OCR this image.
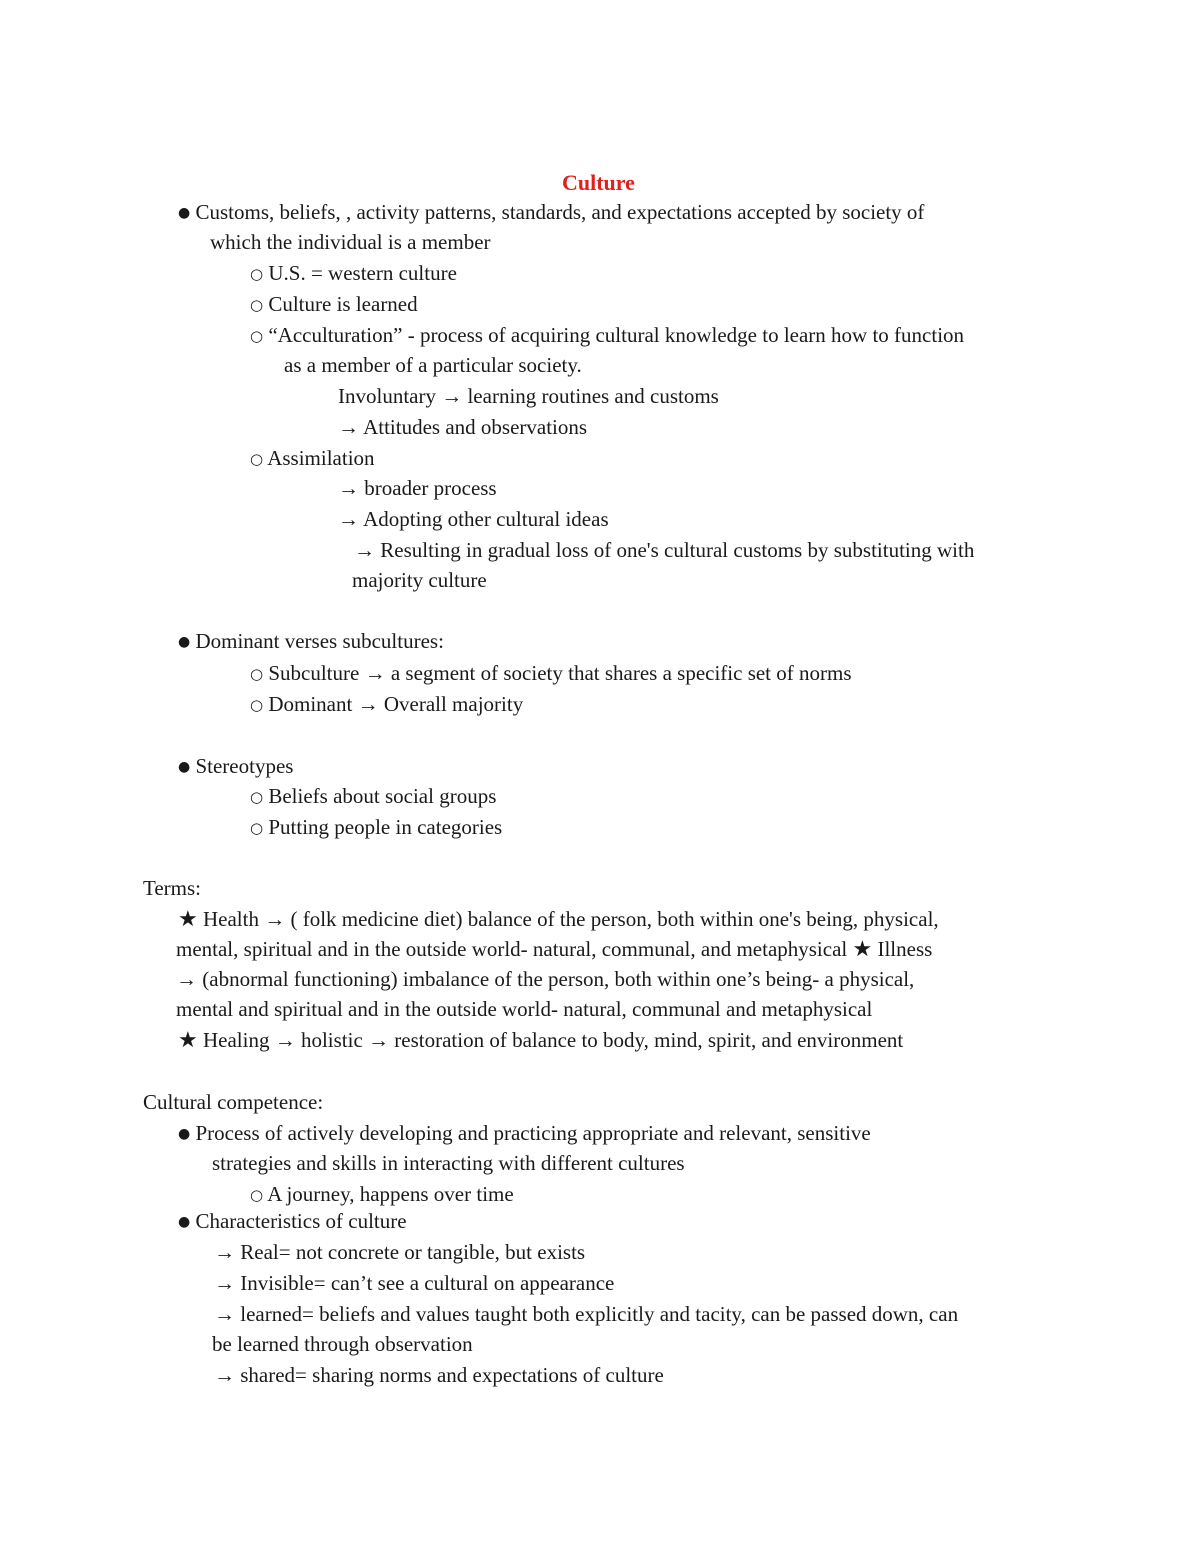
Culture
● Customs, beliefs, , activity patterns, standards, and expectations accepted by society of
which the individual is a member
○ U.S. = western culture
○ Culture is learned
○ “Acculturation” - process of acquiring cultural knowledge to learn how to function
as a member of a particular society.
Involuntary → learning routines and customs
→ Attitudes and observations
○ Assimilation
→ broader process
→ Adopting other cultural ideas
→ Resulting in gradual loss of one's cultural customs by substituting with
majority culture
● Dominant verses subcultures:
○ Subculture → a segment of society that shares a specific set of norms
○ Dominant → Overall majority
● Stereotypes
○ Beliefs about social groups
○ Putting people in categories
Terms:
★ Health → ( folk medicine diet) balance of the person, both within one's being, physical,
mental, spiritual and in the outside world- natural, communal, and metaphysical ★ Illness
→ (abnormal functioning) imbalance of the person, both within one’s being- a physical,
mental and spiritual and in the outside world- natural, communal and metaphysical
★ Healing → holistic → restoration of balance to body, mind, spirit, and environment
Cultural competence:
● Process of actively developing and practicing appropriate and relevant, sensitive
strategies and skills in interacting with different cultures
○ A journey, happens over time
● Characteristics of culture
→ Real= not concrete or tangible, but exists
→ Invisible= can’t see a cultural on appearance
→ learned= beliefs and values taught both explicitly and tacity, can be passed down, can
be learned through observation
→ shared= sharing norms and expectations of culture
